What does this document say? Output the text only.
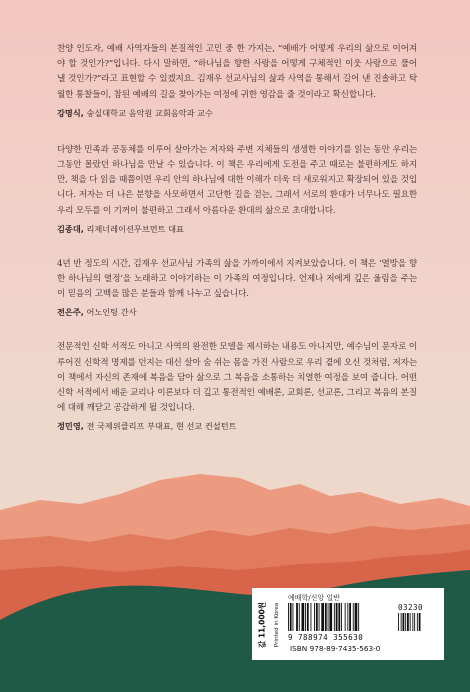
찬양 인도자, 예배 사역자들의 본질적인 고민 중 한 가지는, “예배가 어떻게 우리의 삶으로 이어져야 할 것인가?”입니다. 다시 말하면, “하나님을 향한 사랑을 어떻게 구체적인 이웃 사랑으로 풀어 낼 것인가?”라고 표현할 수 있겠지요. 김재우 선교사님의 삶과 사역을 통해서 길어 낸 진솔하고 탁월한 통찰들이, 참된 예배의 길을 찾아가는 여정에 귀한 영감을 줄 것이라고 확신합니다.

강명식, 숭실대학교 음악원 교회음악과 교수

다양한 민족과 공동체를 이루어 살아가는 저자와 주변 지체들의 생생한 이야기를 읽는 동안 우리는 그동안 몰랐던 하나님을 만날 수 있습니다. 이 책은 우리에게 도전을 주고 때로는 불편하게도 하지만, 책을 다 읽을 때쯤이면 우리 안의 하나님에 대한 이해가 더욱 더 새로워지고 확장되어 있을 것입니다. 저자는 더 나은 분향을 사모하면서 고단한 길을 걷는, 그래서 서로의 환대가 너무나도 필요한 우리 모두를 이 기꺼이 불편하고 그래서 아름다운 환대의 삶으로 초대합니다.

김종대, 리제너레이션무브먼트 대표

4년 반 정도의 시간, 김재우 선교사님 가족의 삶을 가까이에서 지켜보았습니다. 이 책은 ‘열방을 향한 하나님의 열정’을 노래하고 이야기하는 이 가족의 여정입니다. 언제나 저에게 깊은 울림을 주는 이 믿음의 고백을 많은 분들과 함께 나누고 싶습니다.

전은주, 어노인팅 간사

전문적인 신학 서적도 아니고 사역의 완전한 모델을 제시하는 내용도 아니지만, 예수님이 문자로 이루어진 신학적 명제를 던지는 대신 살아 숨 쉬는 몸을 가진 사람으로 우리 곁에 오신 것처럼, 저자는 이 책에서 자신의 존재에 복음을 담아 삶으로 그 복음을 소통하는 치열한 여정을 보여 줍니다. 어떤 신학 서적에서 배운 교리나 이론보다 더 깊고 통전적인 예배론, 교회론, 선교론, 그리고 복음의 본질에 대해 깨닫고 공감하게 될 것입니다.

정민영, 전 국제위클리프 부대표, 현 선교 컨설턴트
값 11,000원 Printed in Korea
예배학/신앙 일반
03230
9 788974 355630
ISBN 978-89-7435-563-0
